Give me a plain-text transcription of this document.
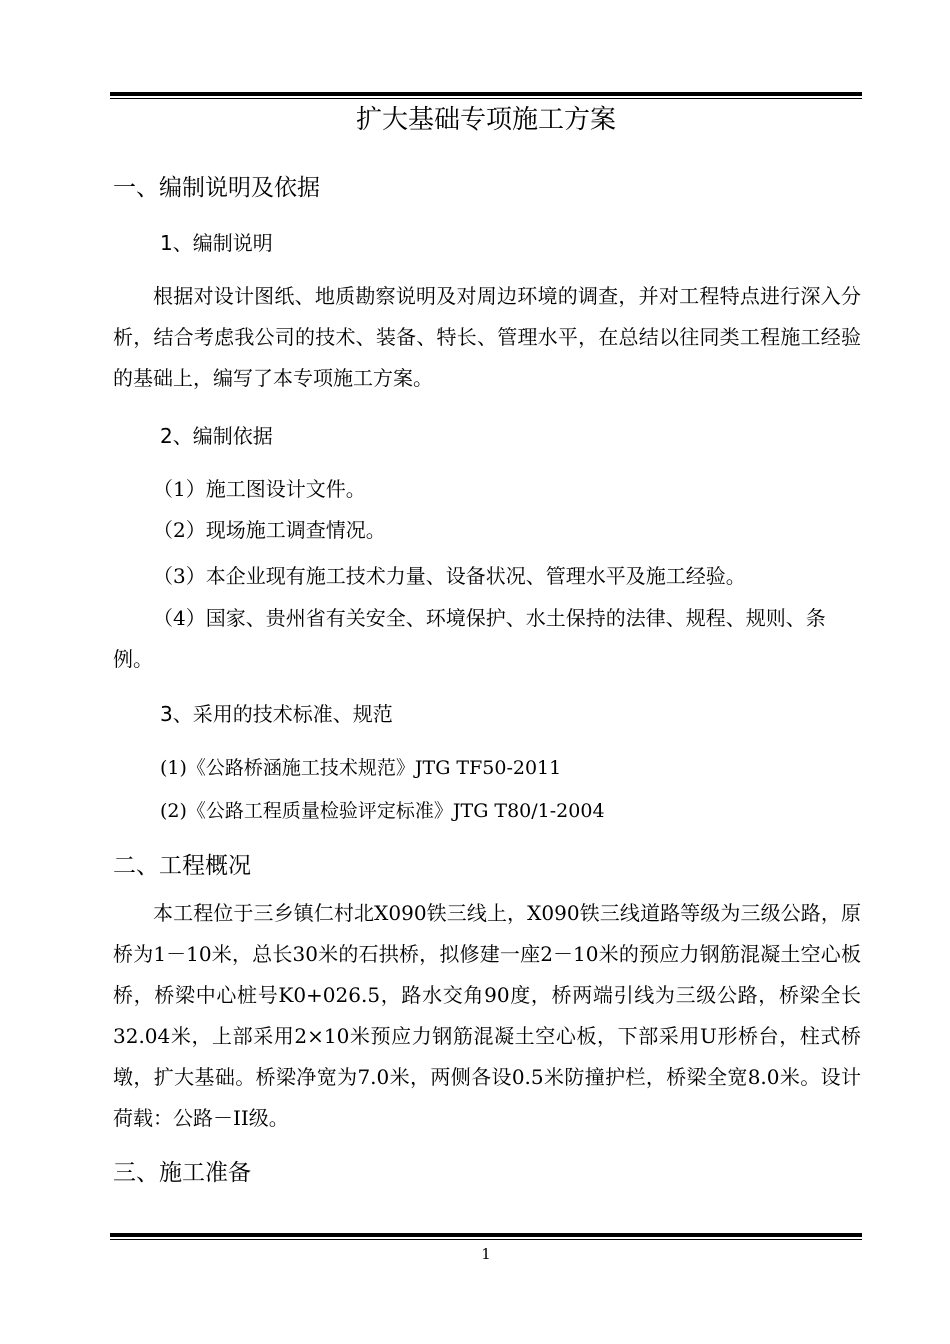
扩大基础专项施工方案
一、编制说明及依据
1、编制说明
根据对设计图纸、地质勘察说明及对周边环境的调查，并对工程特点进行深入分析，结合考虑我公司的技术、装备、特长、管理水平，在总结以往同类工程施工经验的基础上，编写了本专项施工方案。
2、编制依据
（1）施工图设计文件。
（2）现场施工调查情况。
（3）本企业现有施工技术力量、设备状况、管理水平及施工经验。
（4）国家、贵州省有关安全、环境保护、水土保持的法律、规程、规则、条例。
3、采用的技术标准、规范
(1)《公路桥涵施工技术规范》JTG TF50-2011
(2)《公路工程质量检验评定标准》JTG T80/1-2004
二、工程概况
本工程位于三乡镇仁村北X090铁三线上，X090铁三线道路等级为三级公路，原桥为1－10米，总长30米的石拱桥，拟修建一座2－10米的预应力钢筋混凝土空心板桥，桥梁中心桩号K0+026.5，路水交角90度，桥两端引线为三级公路，桥梁全长32.04米，上部采用2×10米预应力钢筋混凝土空心板，下部采用U形桥台，柱式桥墩，扩大基础。桥梁净宽为7.0米，两侧各设0.5米防撞护栏，桥梁全宽8.0米。设计荷载：公路－II级。
三、施工准备
1
